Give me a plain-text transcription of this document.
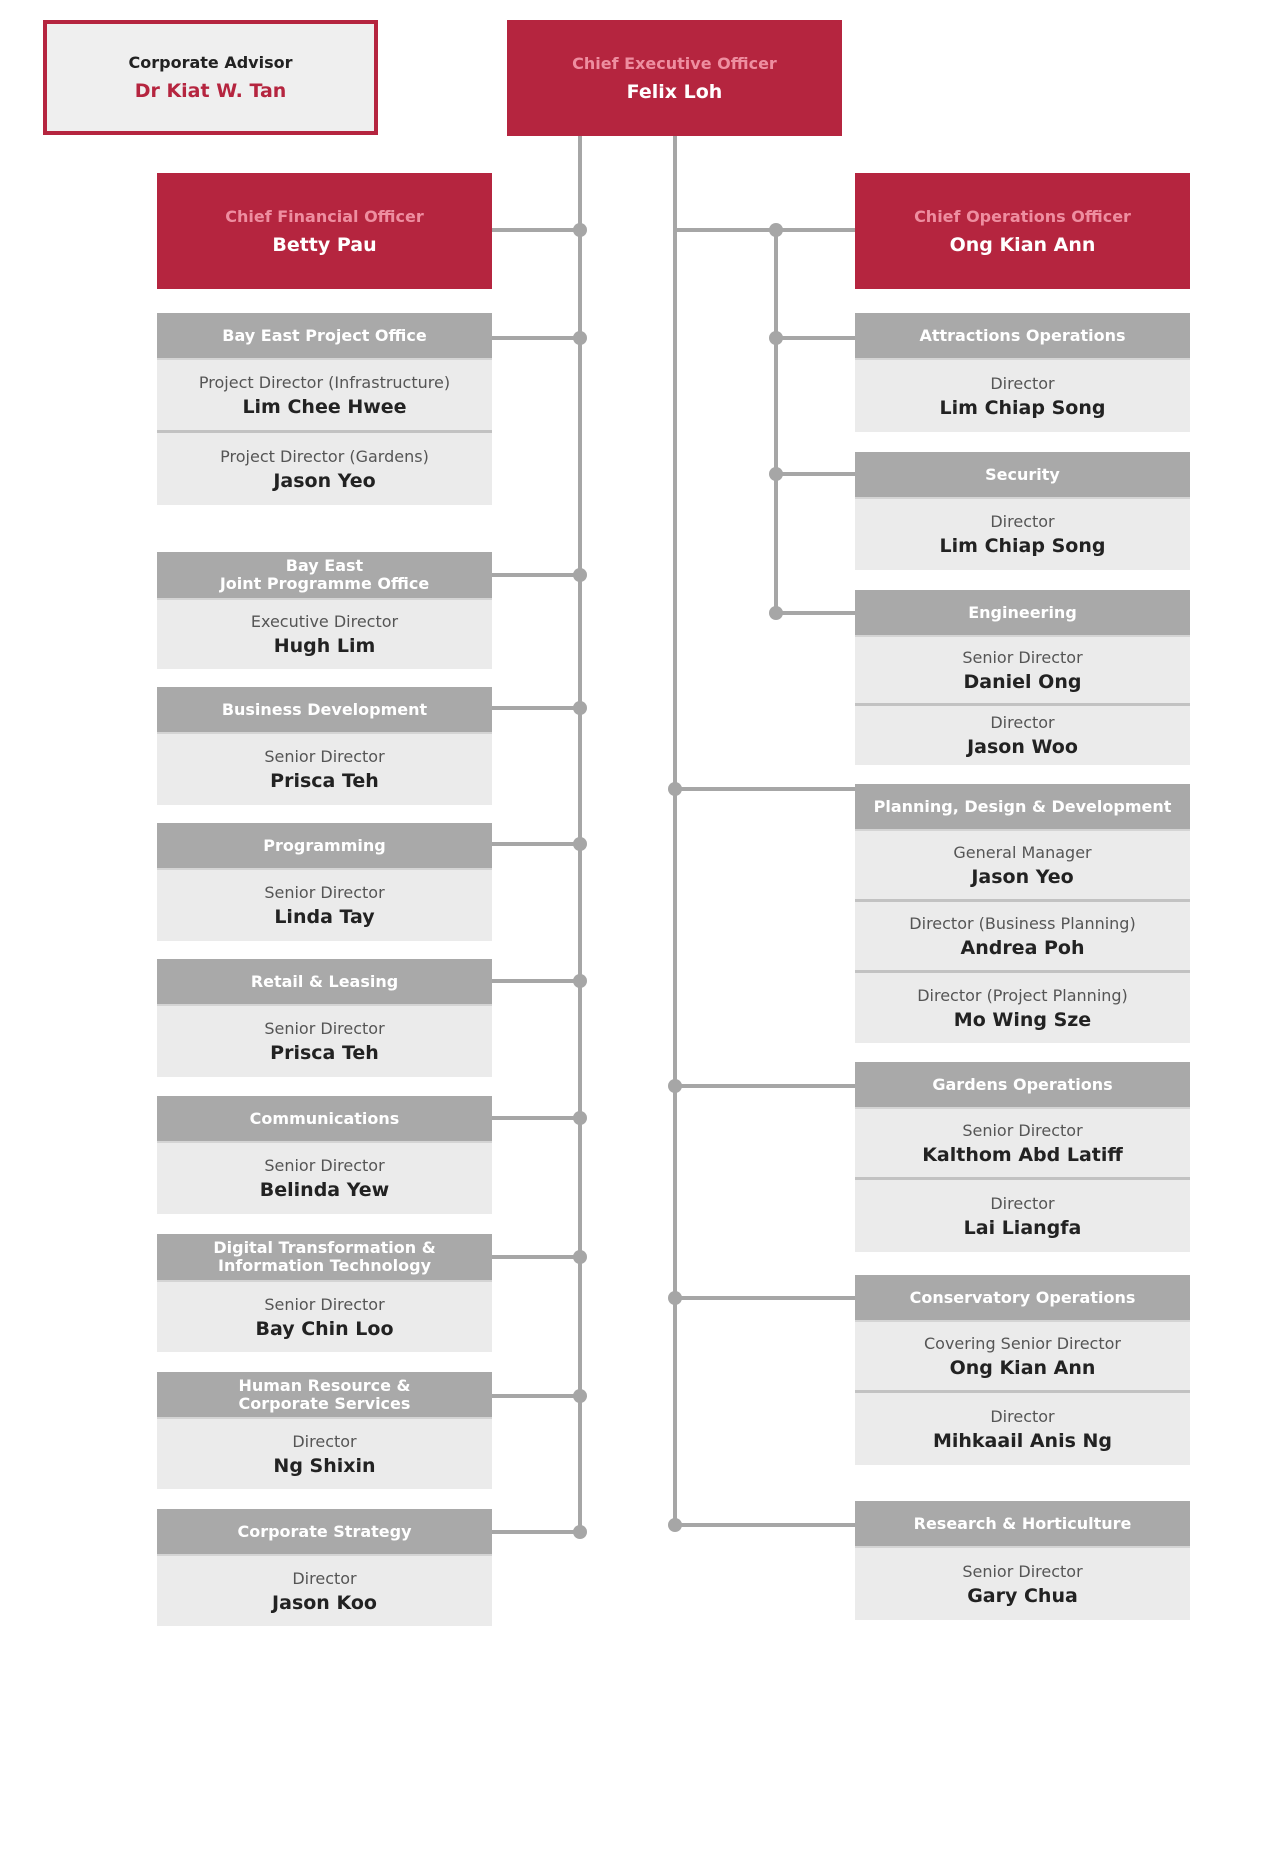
Corporate Advisor
Dr Kiat W. Tan
Chief Executive Officer
Felix Loh
Chief Financial Officer
Betty Pau
Chief Operations Officer
Ong Kian Ann
Bay East Project Office
Project Director (Infrastructure)
Lim Chee Hwee
Project Director (Gardens)
Jason Yeo
Bay East
Joint Programme Office
Executive Director
Hugh Lim
Business Development
Senior Director
Prisca Teh
Programming
Senior Director
Linda Tay
Retail & Leasing
Senior Director
Prisca Teh
Communications
Senior Director
Belinda Yew
Digital Transformation &
Information Technology
Senior Director
Bay Chin Loo
Human Resource &
Corporate Services
Director
Ng Shixin
Corporate Strategy
Director
Jason Koo
Attractions Operations
Director
Lim Chiap Song
Security
Director
Lim Chiap Song
Engineering
Senior Director
Daniel Ong
Director
Jason Woo
Planning, Design & Development
General Manager
Jason Yeo
Director (Business Planning)
Andrea Poh
Director (Project Planning)
Mo Wing Sze
Gardens Operations
Senior Director
Kalthom Abd Latiff
Director
Lai Liangfa
Conservatory Operations
Covering Senior Director
Ong Kian Ann
Director
Mihkaail Anis Ng
Research & Horticulture
Senior Director
Gary Chua
